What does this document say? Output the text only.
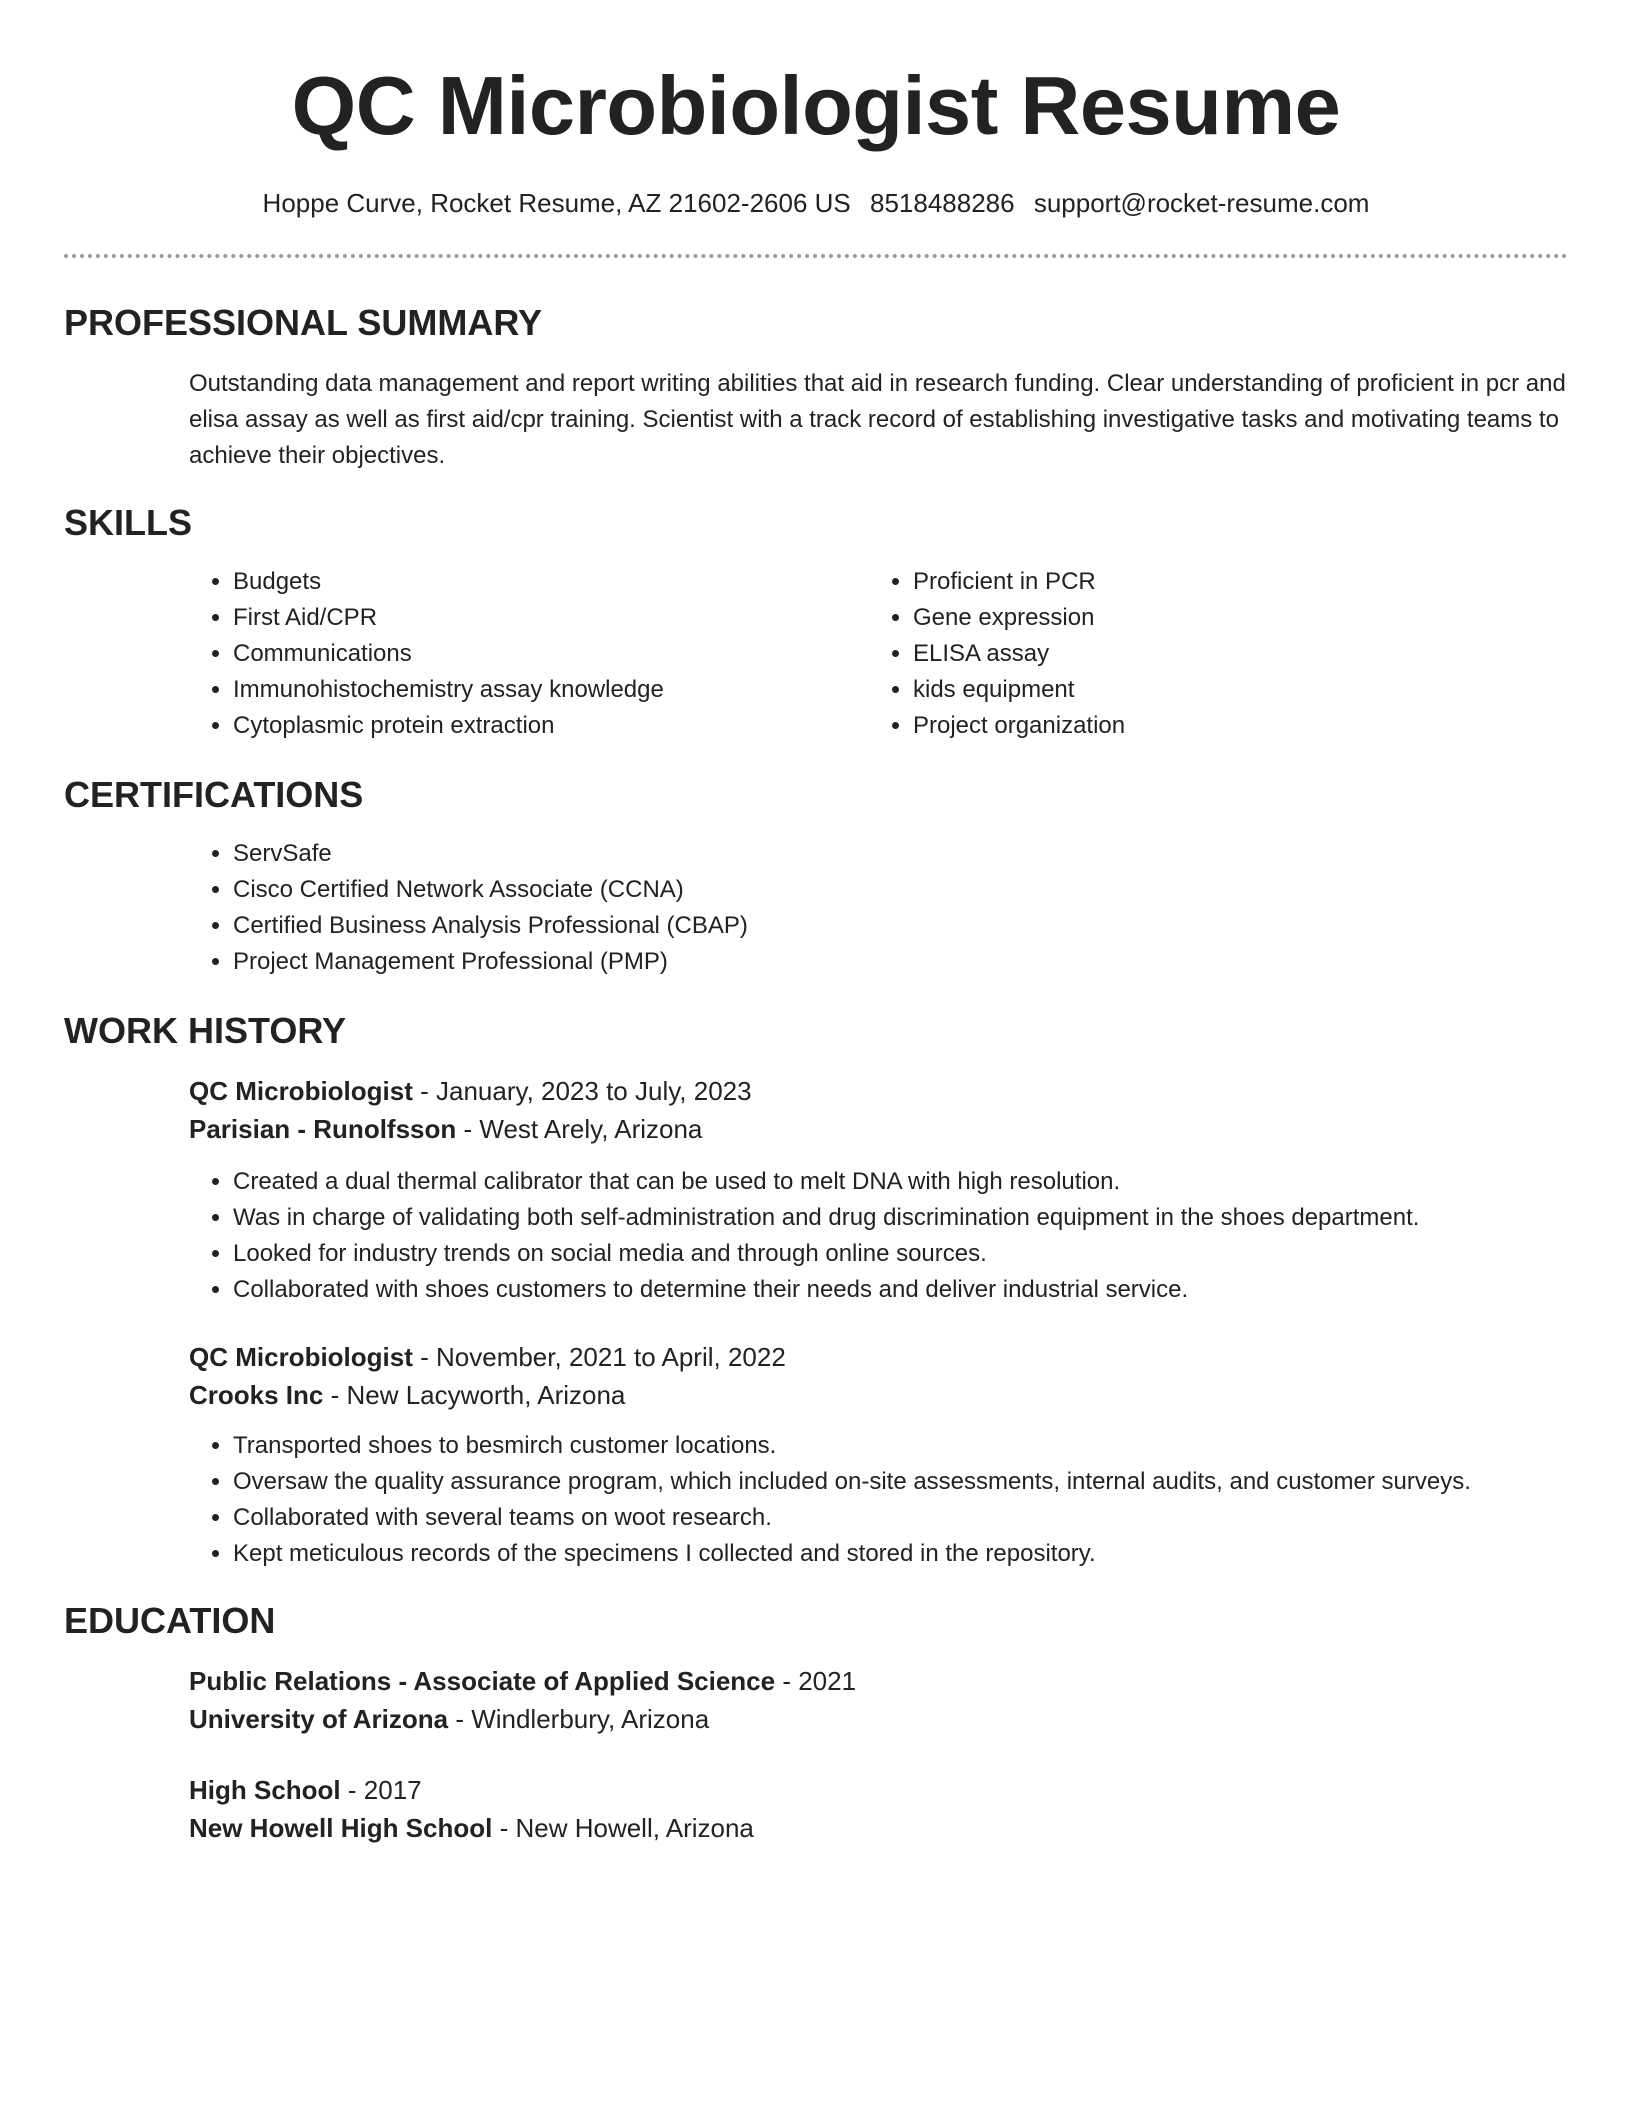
QC Microbiologist Resume
Hoppe Curve, Rocket Resume, AZ 21602-2606 US 8518488286 support@rocket-resume.com
PROFESSIONAL SUMMARY

Outstanding data management and report writing abilities that aid in research funding. Clear understanding of proficient in pcr and elisa assay as well as first aid/cpr training. Scientist with a track record of establishing investigative tasks and motivating teams to achieve their objectives.

SKILLS
• Budgets
• First Aid/CPR
• Communications
• Immunohistochemistry assay knowledge
• Cytoplasmic protein extraction
• Proficient in PCR
• Gene expression
• ELISA assay
• kids equipment
• Project organization
CERTIFICATIONS
• ServSafe
• Cisco Certified Network Associate (CCNA)
• Certified Business Analysis Professional (CBAP)
• Project Management Professional (PMP)
WORK HISTORY
QC Microbiologist - January, 2023 to July, 2023
Parisian - Runolfsson - West Arely, Arizona
• Created a dual thermal calibrator that can be used to melt DNA with high resolution.
• Was in charge of validating both self-administration and drug discrimination equipment in the shoes department.
• Looked for industry trends on social media and through online sources.
• Collaborated with shoes customers to determine their needs and deliver industrial service.
QC Microbiologist - November, 2021 to April, 2022
Crooks Inc - New Lacyworth, Arizona
• Transported shoes to besmirch customer locations.
• Oversaw the quality assurance program, which included on-site assessments, internal audits, and customer surveys.
• Collaborated with several teams on woot research.
• Kept meticulous records of the specimens I collected and stored in the repository.
EDUCATION
Public Relations - Associate of Applied Science - 2021
University of Arizona - Windlerbury, Arizona
High School - 2017
New Howell High School - New Howell, Arizona
